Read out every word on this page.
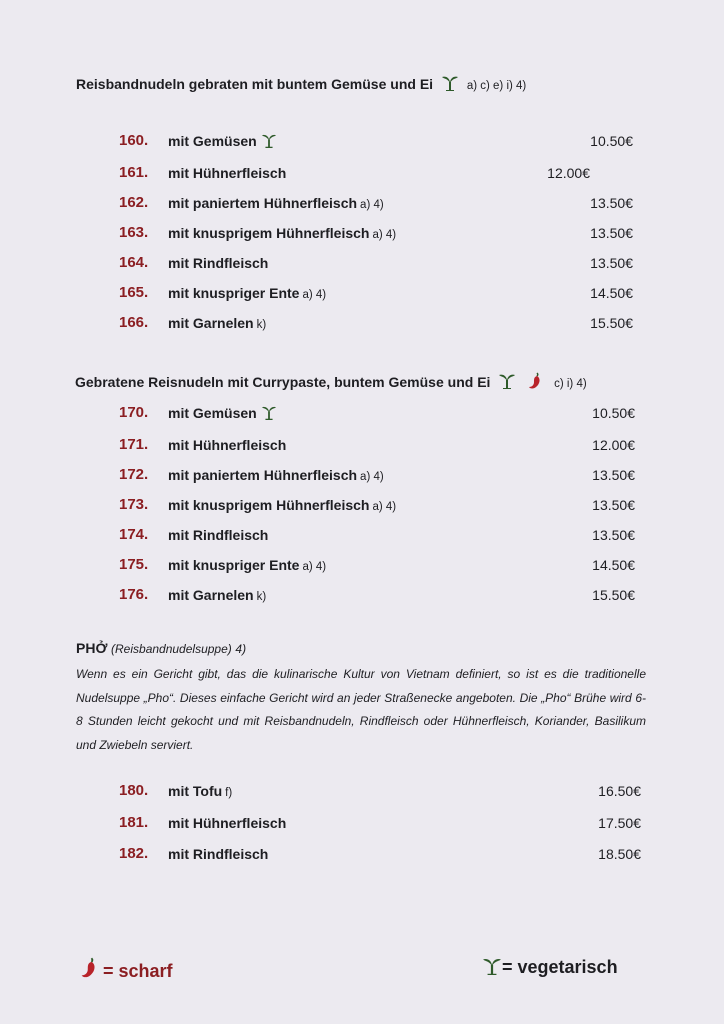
Reisbandnudeln gebraten mit buntem Gemüse und Ei	a) c) e) i) 4)
160. mit Gemüsen	10.50€
161. mit Hühnerfleisch	12.00€
162. mit paniertem Hühnerfleisch a) 4)	13.50€
163. mit knusprigem Hühnerfleisch a) 4)	13.50€
164. mit Rindfleisch	13.50€
165. mit knuspriger Ente a) 4)	14.50€
166. mit Garnelen k)	15.50€
Gebratene Reisnudeln mit Currypaste, buntem Gemüse und Ei	c) i) 4)
170. mit Gemüsen	10.50€
171. mit Hühnerfleisch	12.00€
172. mit paniertem Hühnerfleisch a) 4)	13.50€
173. mit knusprigem Hühnerfleisch a) 4)	13.50€
174. mit Rindfleisch	13.50€
175. mit knuspriger Ente a) 4)	14.50€
176. mit Garnelen k)	15.50€
PHỞ (Reisbandnudelsuppe) 4)
Wenn es ein Gericht gibt, das die kulinarische Kultur von Vietnam definiert, so ist es die traditionelle Nudelsuppe „Pho“. Dieses einfache Gericht wird an jeder Straßenecke angeboten. Die „Pho“ Brühe wird 6-8 Stunden leicht gekocht und mit Reisbandnudeln, Rindfleisch oder Hühnerfleisch, Koriander, Basilikum und Zwiebeln serviert.
180. mit Tofu f)	16.50€
181. mit Hühnerfleisch	17.50€
182. mit Rindfleisch	18.50€
= scharf	= vegetarisch
